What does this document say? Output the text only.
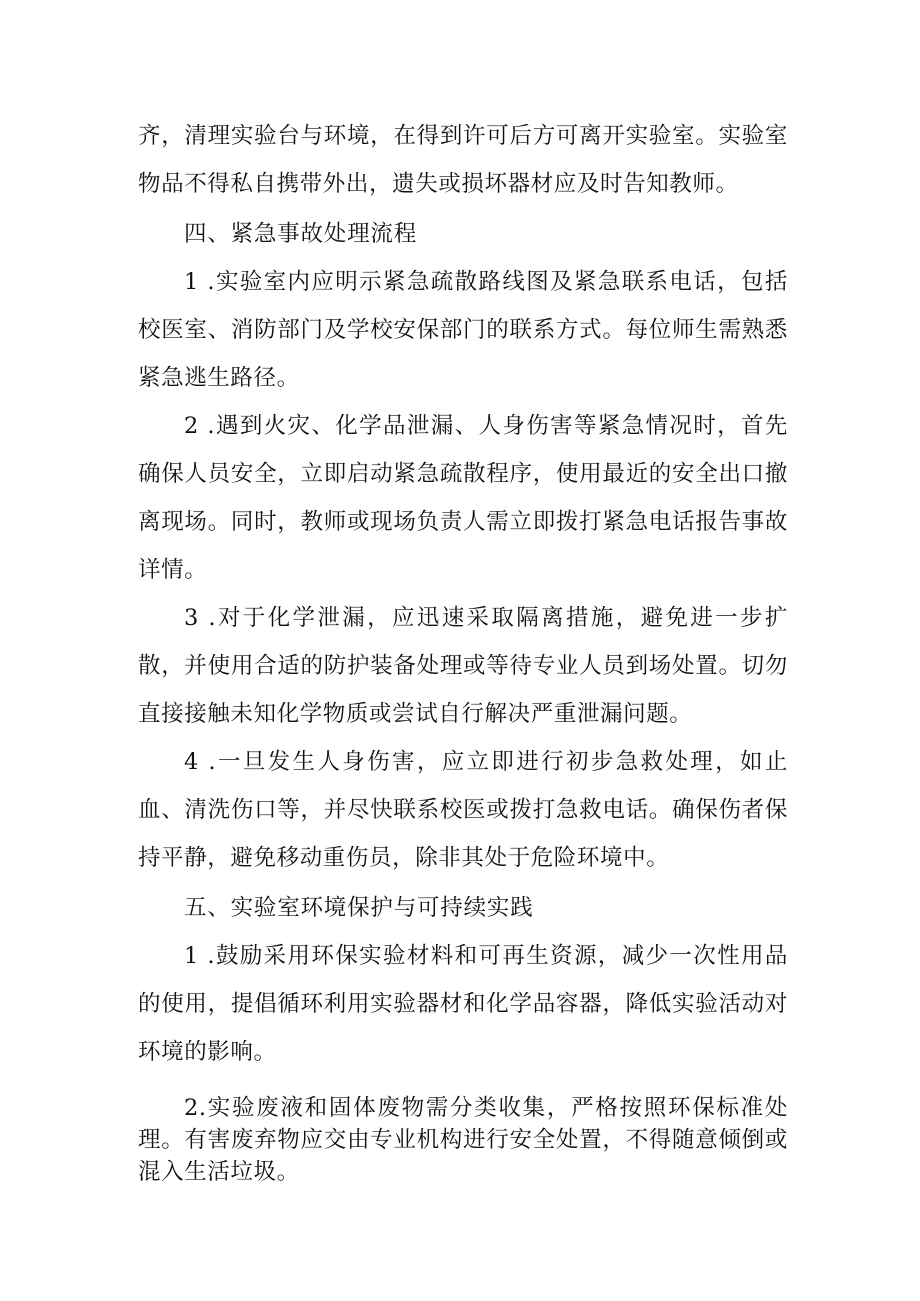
齐，清理实验台与环境，在得到许可后方可离开实验室。实验室物品不得私自携带外出，遗失或损坏器材应及时告知教师。

四、紧急事故处理流程

1 .实验室内应明示紧急疏散路线图及紧急联系电话，包括校医室、消防部门及学校安保部门的联系方式。每位师生需熟悉紧急逃生路径。

2 .遇到火灾、化学品泄漏、人身伤害等紧急情况时，首先确保人员安全，立即启动紧急疏散程序，使用最近的安全出口撤离现场。同时，教师或现场负责人需立即拨打紧急电话报告事故详情。

3 .对于化学泄漏，应迅速采取隔离措施，避免进一步扩散，并使用合适的防护装备处理或等待专业人员到场处置。切勿直接接触未知化学物质或尝试自行解决严重泄漏问题。

4 .一旦发生人身伤害，应立即进行初步急救处理，如止血、清洗伤口等，并尽快联系校医或拨打急救电话。确保伤者保持平静，避免移动重伤员，除非其处于危险环境中。

五、实验室环境保护与可持续实践

1 .鼓励采用环保实验材料和可再生资源，减少一次性用品的使用，提倡循环利用实验器材和化学品容器，降低实验活动对环境的影响。

2.实验废液和固体废物需分类收集，严格按照环保标准处理。有害废弃物应交由专业机构进行安全处置，不得随意倾倒或混入生活垃圾。
